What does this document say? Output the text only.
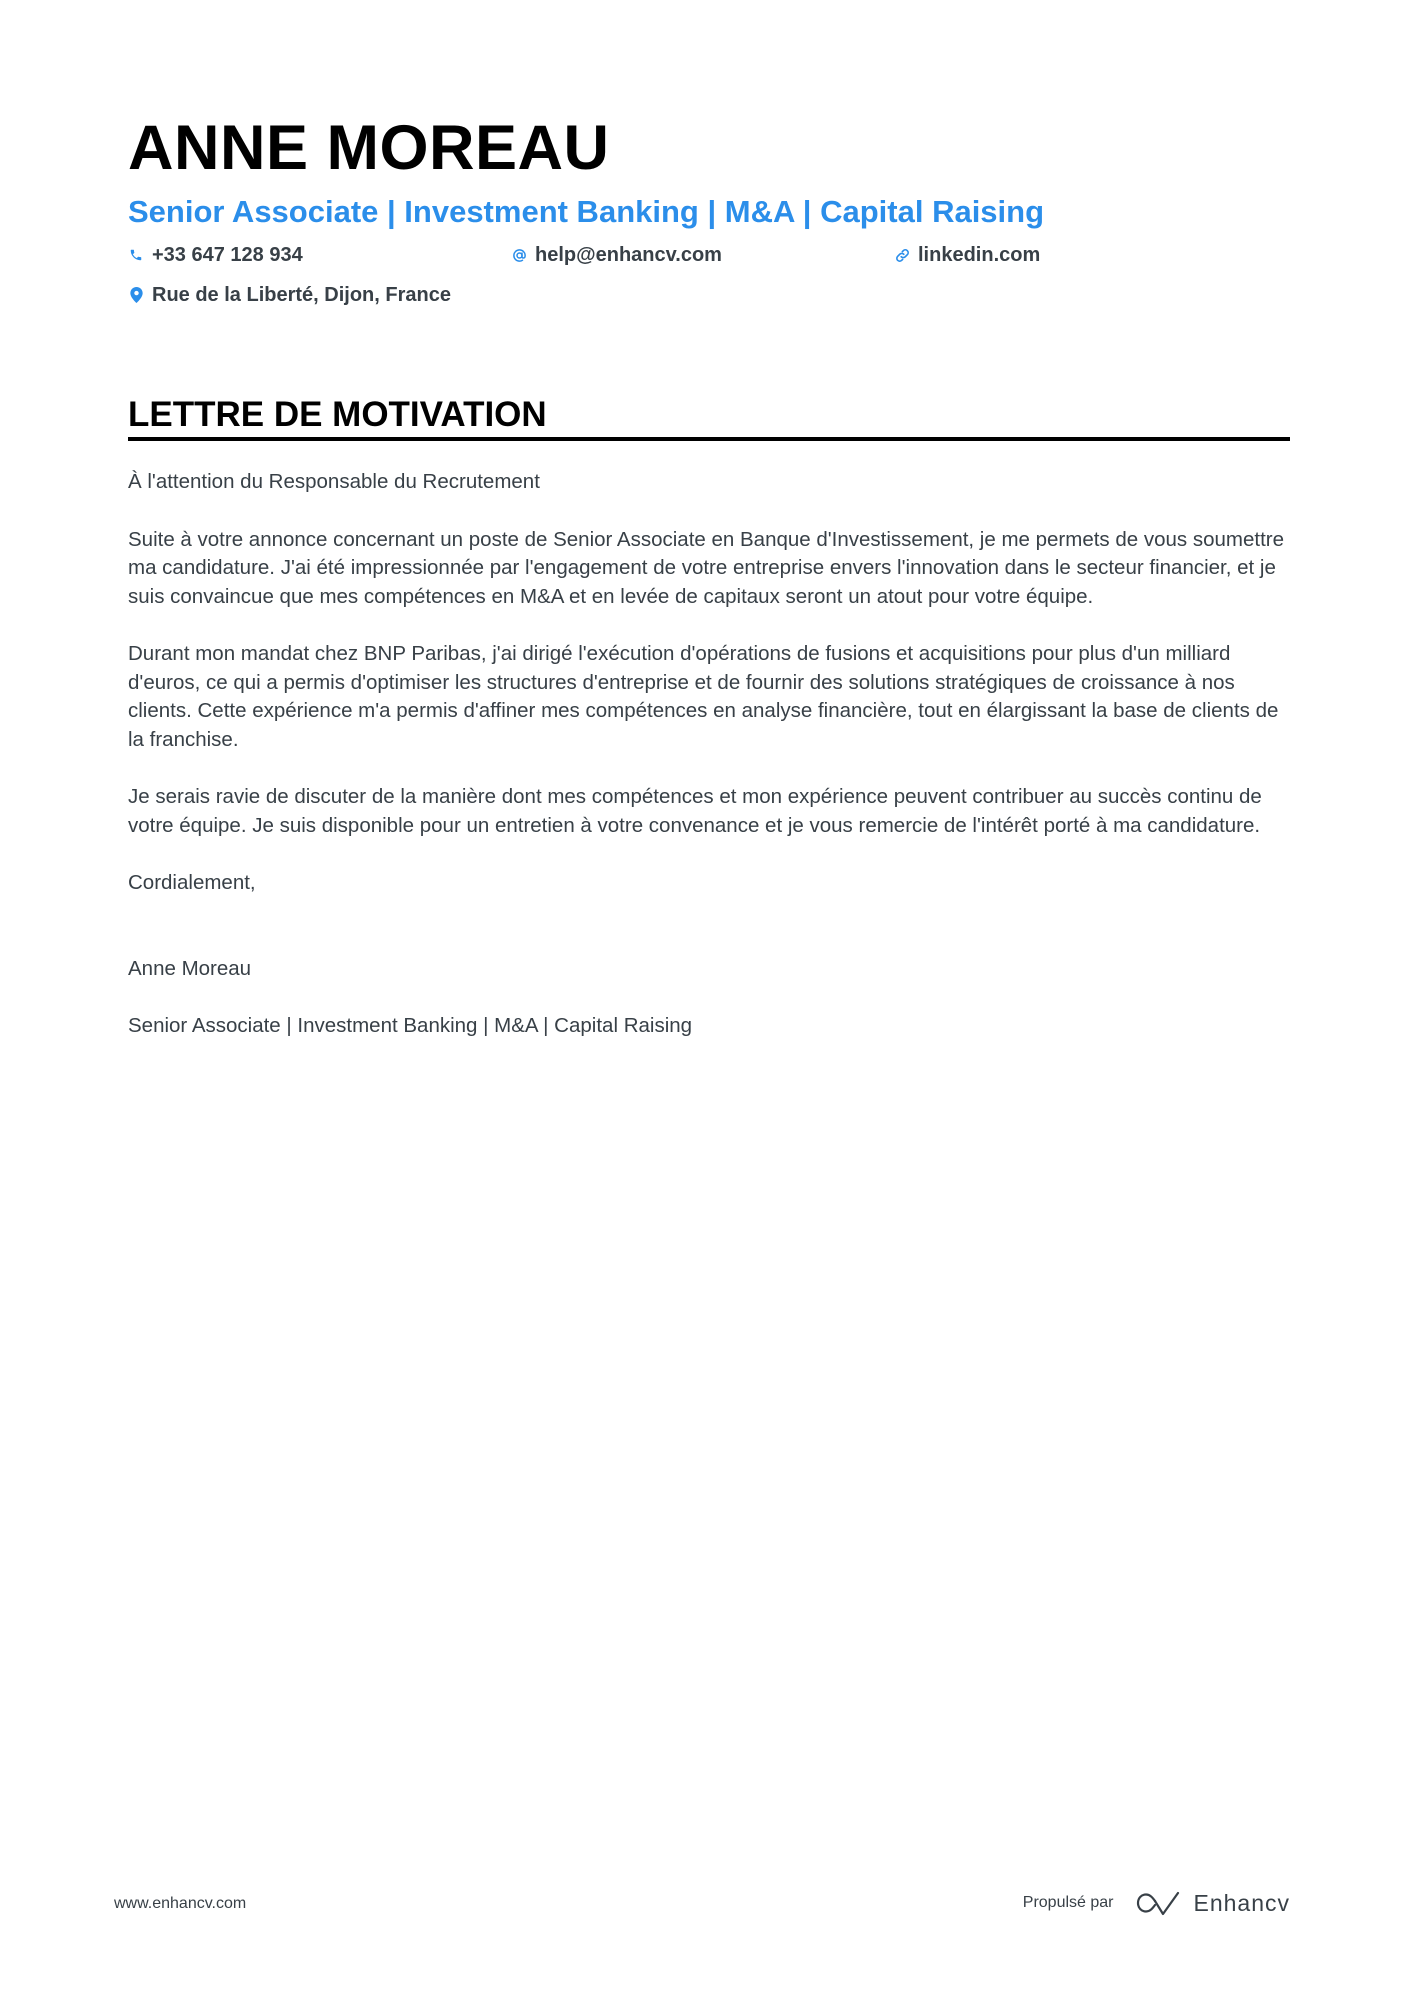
ANNE MOREAU
Senior Associate | Investment Banking | M&A | Capital Raising
+33 647 128 934	help@enhancv.com	linkedin.com
Rue de la Liberté, Dijon, France
LETTRE DE MOTIVATION

À l'attention du Responsable du Recrutement

Suite à votre annonce concernant un poste de Senior Associate en Banque d'Investissement, je me permets de vous soumettre ma candidature. J'ai été impressionnée par l'engagement de votre entreprise envers l'innovation dans le secteur financier, et je suis convaincue que mes compétences en M&A et en levée de capitaux seront un atout pour votre équipe.

Durant mon mandat chez BNP Paribas, j'ai dirigé l'exécution d'opérations de fusions et acquisitions pour plus d'un milliard d'euros, ce qui a permis d'optimiser les structures d'entreprise et de fournir des solutions stratégiques de croissance à nos clients. Cette expérience m'a permis d'affiner mes compétences en analyse financière, tout en élargissant la base de clients de la franchise.

Je serais ravie de discuter de la manière dont mes compétences et mon expérience peuvent contribuer au succès continu de votre équipe. Je suis disponible pour un entretien à votre convenance et je vous remercie de l'intérêt porté à ma candidature.

Cordialement,

Anne Moreau

Senior Associate | Investment Banking | M&A | Capital Raising

www.enhancv.com	Propulsé par	Enhancv
